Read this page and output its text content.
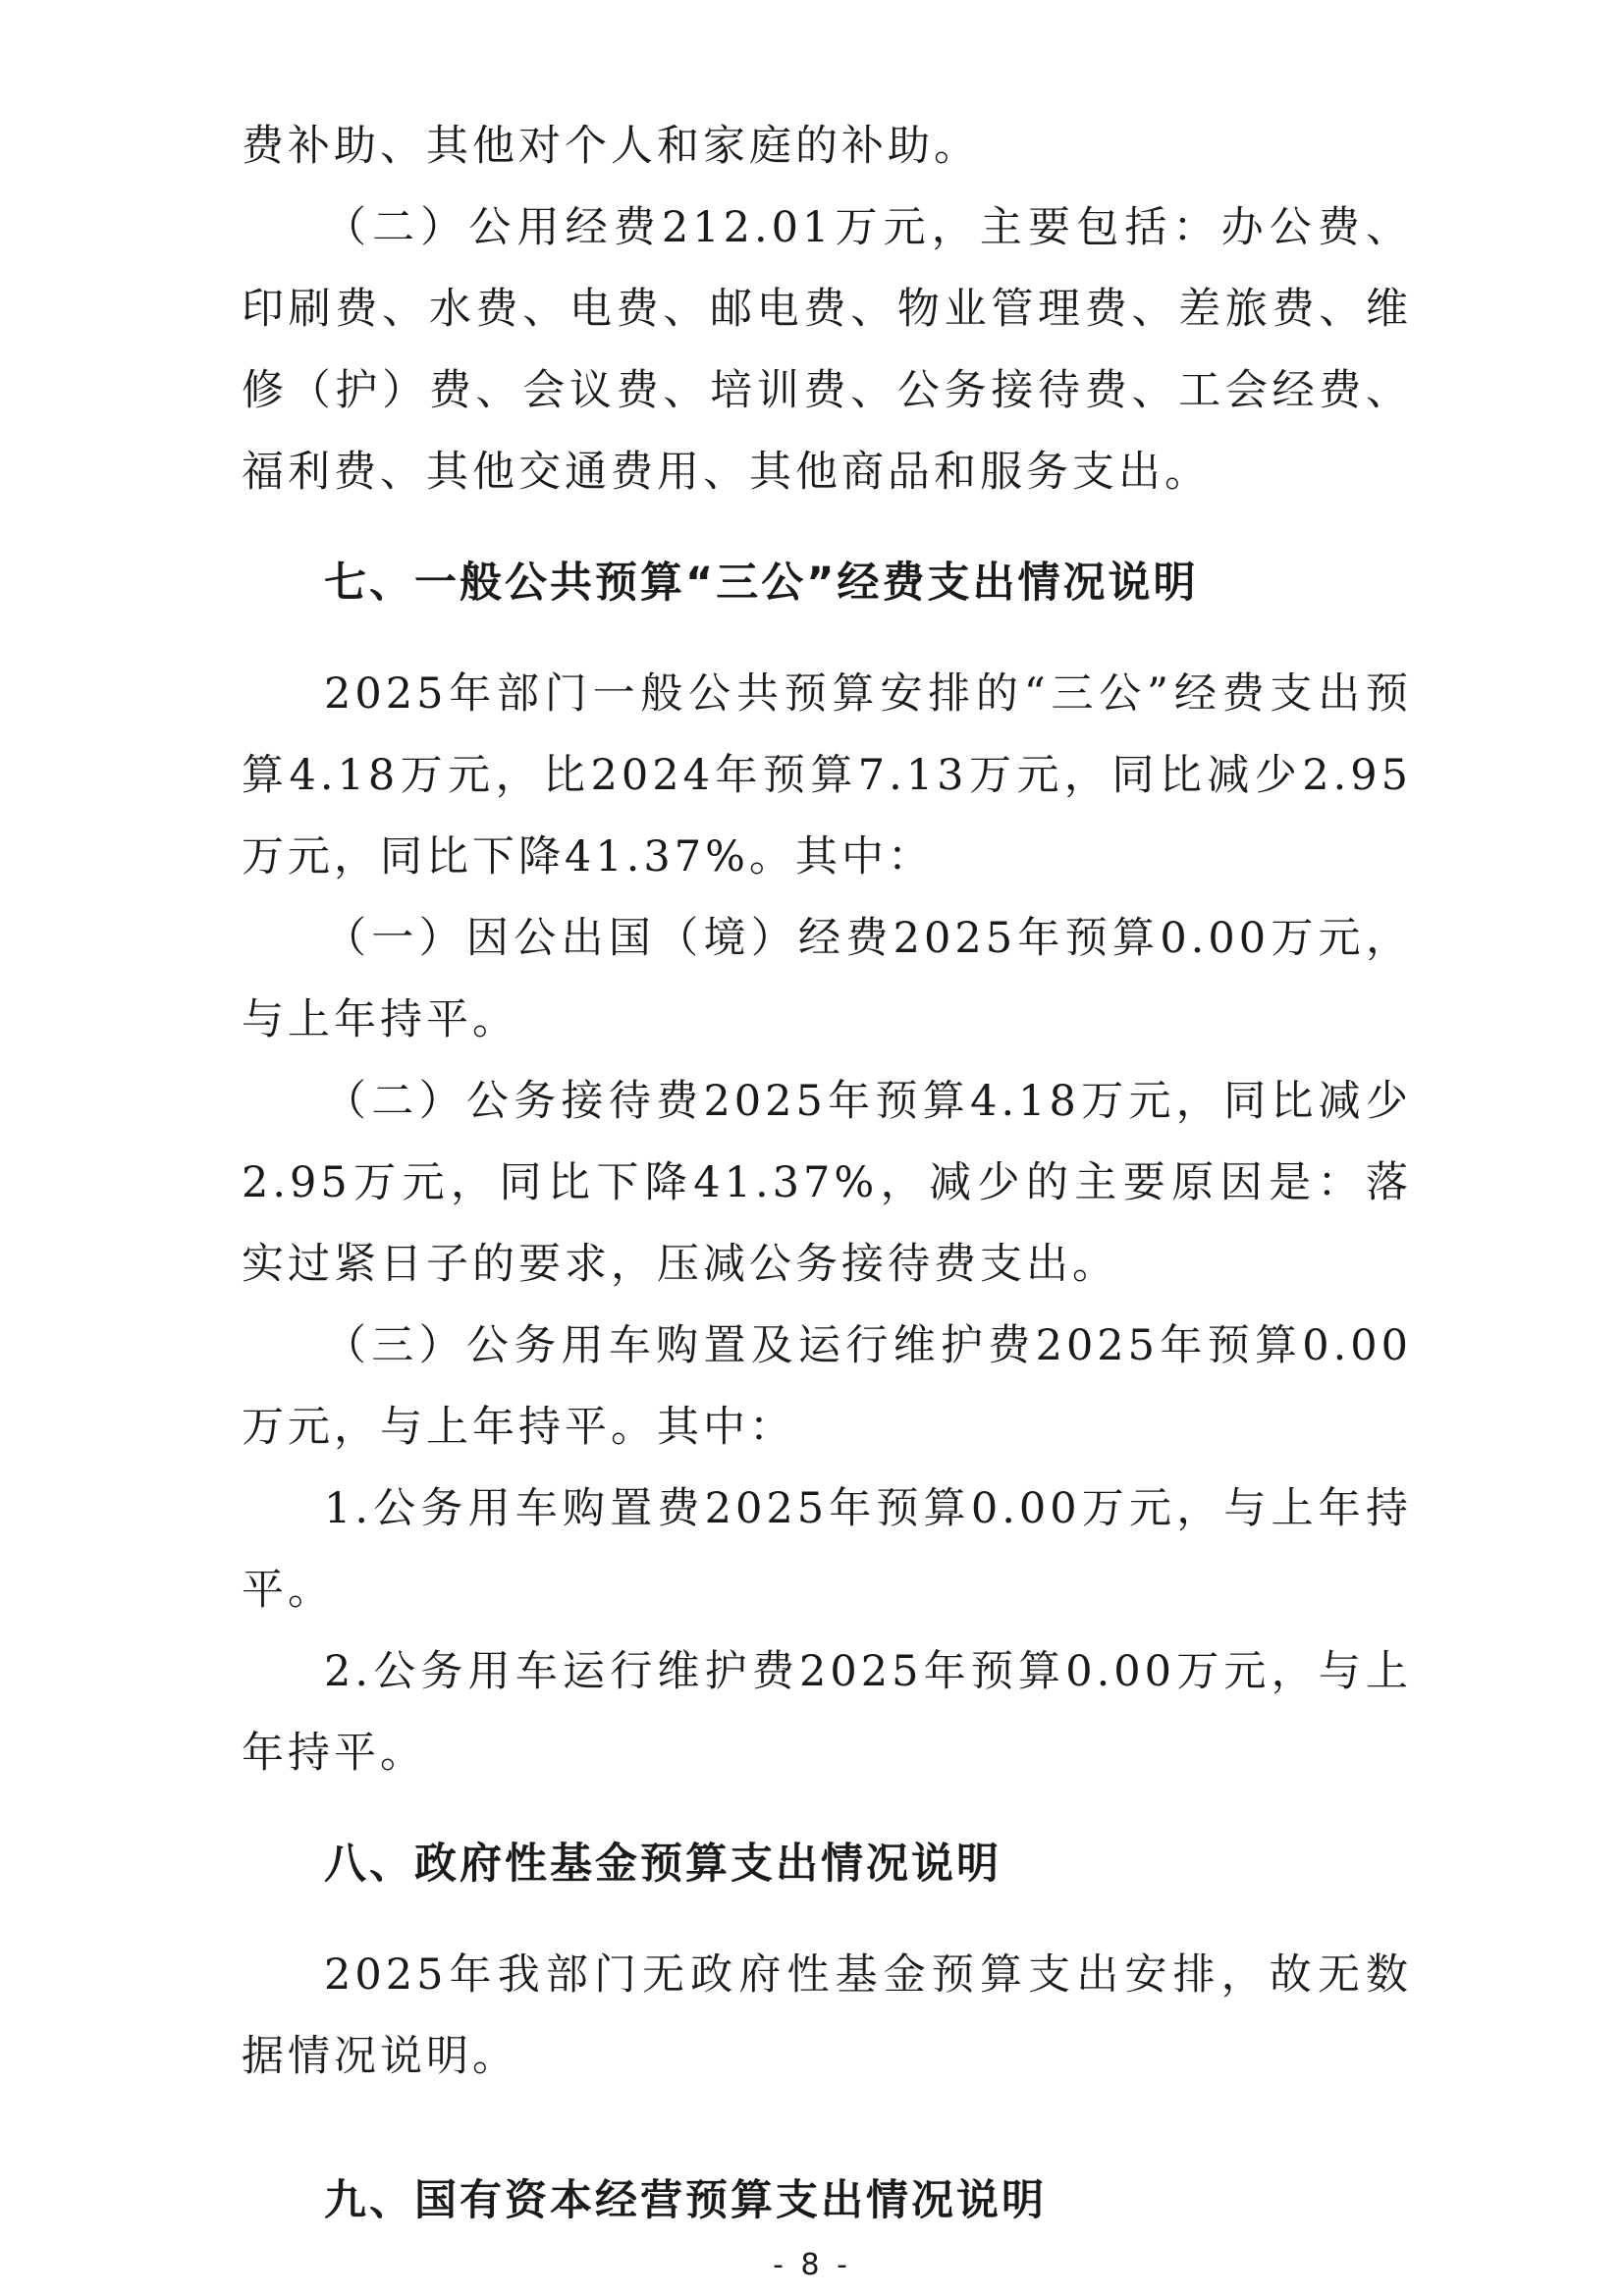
费补助、其他对个人和家庭的补助。

（二）公用经费212.01万元，主要包括：办公费、印刷费、水费、电费、邮电费、物业管理费、差旅费、维修（护）费、会议费、培训费、公务接待费、工会经费、福利费、其他交通费用、其他商品和服务支出。

七、一般公共预算“三公”经费支出情况说明

2025年部门一般公共预算安排的“三公”经费支出预算4.18万元，比2024年预算7.13万元，同比减少2.95万元，同比下降41.37%。其中：

（一）因公出国（境）经费2025年预算0.00万元，与上年持平。

（二）公务接待费2025年预算4.18万元，同比减少2.95万元，同比下降41.37%，减少的主要原因是：落实过紧日子的要求，压减公务接待费支出。

（三）公务用车购置及运行维护费2025年预算0.00万元，与上年持平。其中：

1.公务用车购置费2025年预算0.00万元，与上年持平。

2.公务用车运行维护费2025年预算0.00万元，与上年持平。

八、政府性基金预算支出情况说明

2025年我部门无政府性基金预算支出安排，故无数据情况说明。

九、国有资本经营预算支出情况说明
- 8 -
